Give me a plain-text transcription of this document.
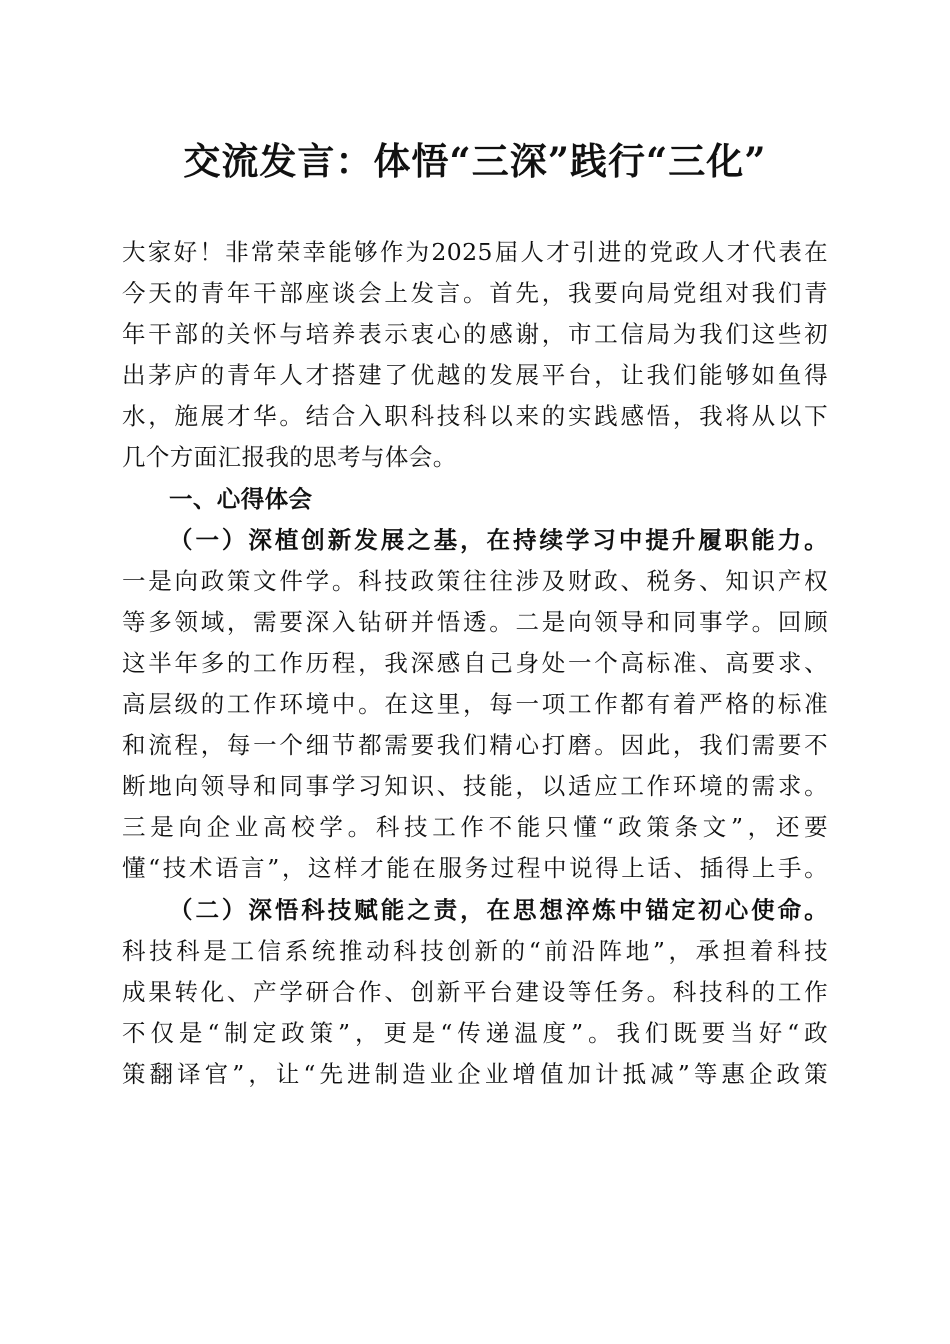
交流发言：体悟“三深”践行“三化”
大家好！非常荣幸能够作为2025届人才引进的党政人才代表在
今天的青年干部座谈会上发言。首先，我要向局党组对我们青
年干部的关怀与培养表示衷心的感谢，市工信局为我们这些初
出茅庐的青年人才搭建了优越的发展平台，让我们能够如鱼得
水，施展才华。结合入职科技科以来的实践感悟，我将从以下
几个方面汇报我的思考与体会。
一、心得体会
（一）深植创新发展之基，在持续学习中提升履职能力。
一是向政策文件学。科技政策往往涉及财政、税务、知识产权
等多领域，需要深入钻研并悟透。二是向领导和同事学。回顾
这半年多的工作历程，我深感自己身处一个高标准、高要求、
高层级的工作环境中。在这里，每一项工作都有着严格的标准
和流程，每一个细节都需要我们精心打磨。因此，我们需要不
断地向领导和同事学习知识、技能，以适应工作环境的需求。
三是向企业高校学。科技工作不能只懂“政策条文”，还要
懂“技术语言”，这样才能在服务过程中说得上话、插得上手。
（二）深悟科技赋能之责，在思想淬炼中锚定初心使命。
科技科是工信系统推动科技创新的“前沿阵地”，承担着科技
成果转化、产学研合作、创新平台建设等任务。科技科的工作
不仅是“制定政策”，更是“传递温度”。我们既要当好“政
策翻译官”，让“先进制造业企业增值加计抵减”等惠企政策
